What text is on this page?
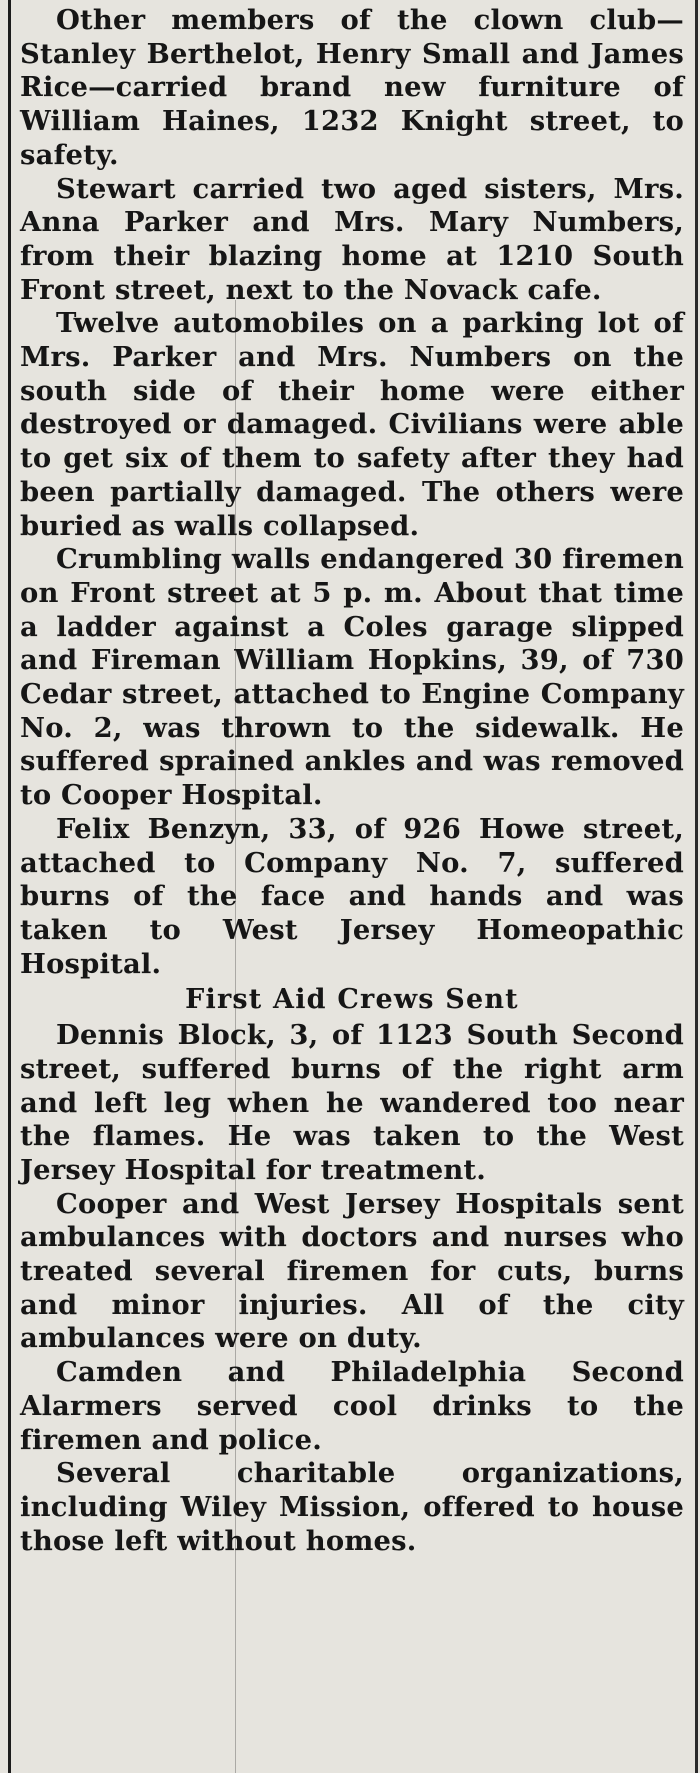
Other members of the clown club—Stanley Berthelot, Henry Small and James Rice—carried brand new furniture of William Haines, 1232 Knight street, to safety.

Stewart carried two aged sisters, Mrs. Anna Parker and Mrs. Mary Numbers, from their blazing home at 1210 South Front street, next to the Novack cafe.

Twelve automobiles on a parking lot of Mrs. Parker and Mrs. Numbers on the south side of their home were either destroyed or damaged. Civilians were able to get six of them to safety after they had been partially damaged. The others were buried as walls collapsed.

Crumbling walls endangered 30 firemen on Front street at 5 p. m. About that time a ladder against a Coles garage slipped and Fireman William Hopkins, 39, of 730 Cedar street, attached to Engine Company No. 2, was thrown to the sidewalk. He suffered sprained ankles and was removed to Cooper Hospital.

Felix Benzyn, 33, of 926 Howe street, attached to Company No. 7, suffered burns of the face and hands and was taken to West Jersey Homeopathic Hospital.

First Aid Crews Sent

Dennis Block, 3, of 1123 South Second street, suffered burns of the right arm and left leg when he wandered too near the flames. He was taken to the West Jersey Hospital for treatment.

Cooper and West Jersey Hospitals sent ambulances with doctors and nurses who treated several firemen for cuts, burns and minor injuries. All of the city ambulances were on duty.

Camden and Philadelphia Second Alarmers served cool drinks to the firemen and police.

Several charitable organizations, including Wiley Mission, offered to house those left without homes.
